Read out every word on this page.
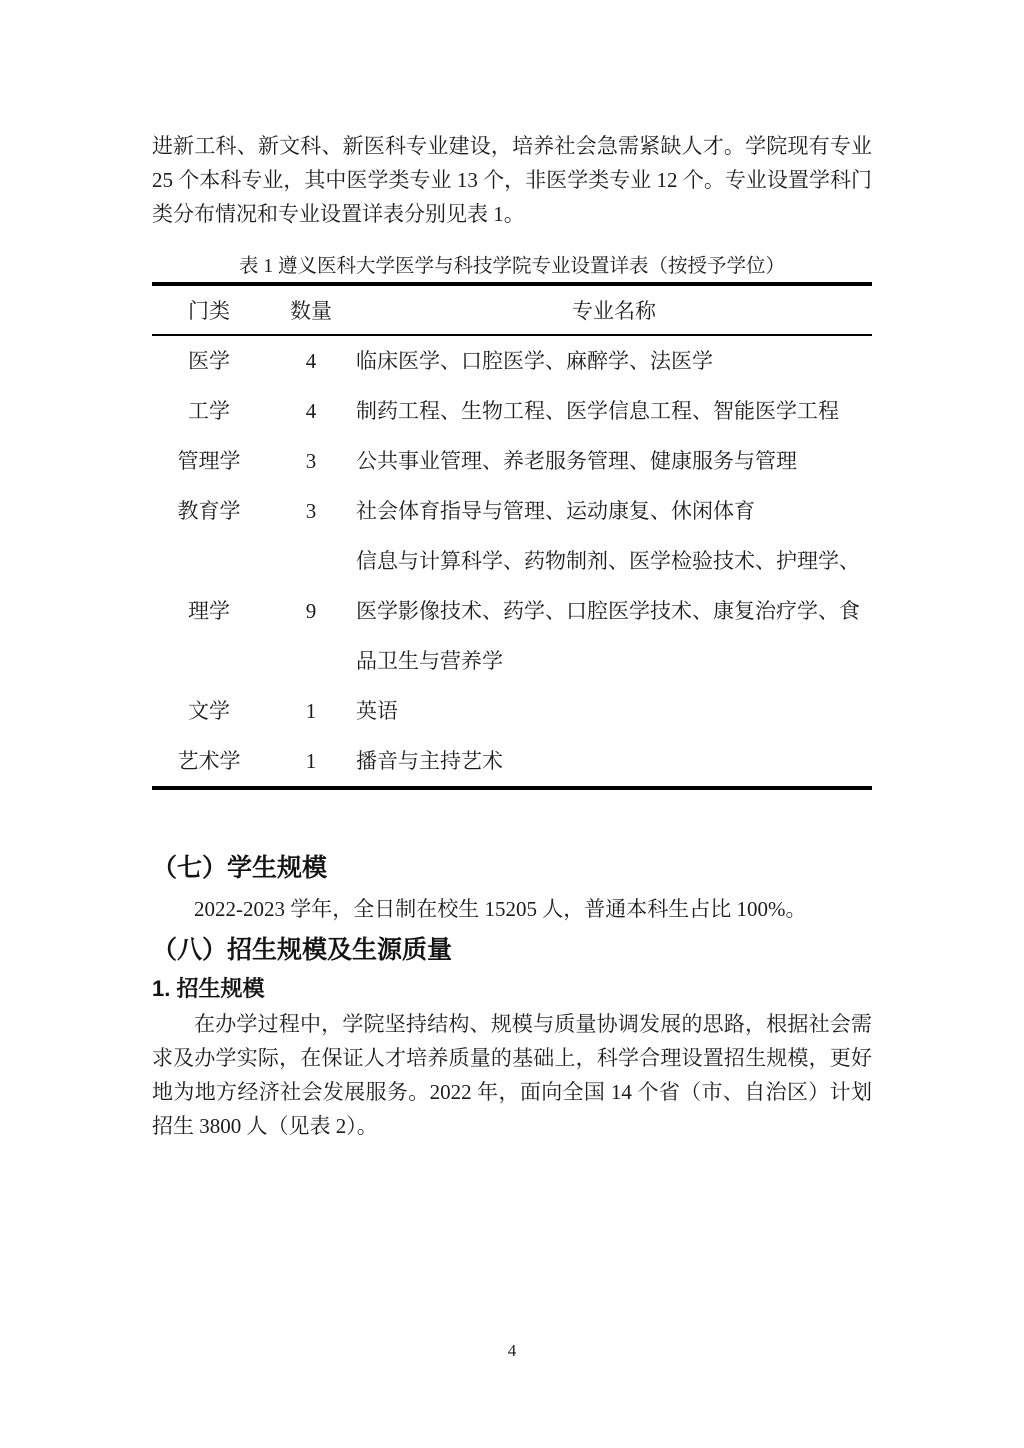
进新工科、新文科、新医科专业建设，培养社会急需紧缺人才。学院现有专业 25 个本科专业，其中医学类专业 13 个，非医学类专业 12 个。专业设置学科门类分布情况和专业设置详表分别见表 1。

表 1 遵义医科大学医学与科技学院专业设置详表（按授予学位）
门类	数量	专业名称
医学	4	临床医学、口腔医学、麻醉学、法医学
工学	4	制药工程、生物工程、医学信息工程、智能医学工程
管理学	3	公共事业管理、养老服务管理、健康服务与管理
教育学	3	社会体育指导与管理、运动康复、休闲体育
理学	9	信息与计算科学、药物制剂、医学检验技术、护理学、医学影像技术、药学、口腔医学技术、康复治疗学、食品卫生与营养学
文学	1	英语
艺术学	1	播音与主持艺术
（七）学生规模

2022-2023 学年，全日制在校生 15205 人，普通本科生占比 100%。

（八）招生规模及生源质量
1. 招生规模

在办学过程中，学院坚持结构、规模与质量协调发展的思路，根据社会需求及办学实际，在保证人才培养质量的基础上，科学合理设置招生规模，更好地为地方经济社会发展服务。2022 年，面向全国 14 个省（市、自治区）计划招生 3800 人（见表 2）。

4
